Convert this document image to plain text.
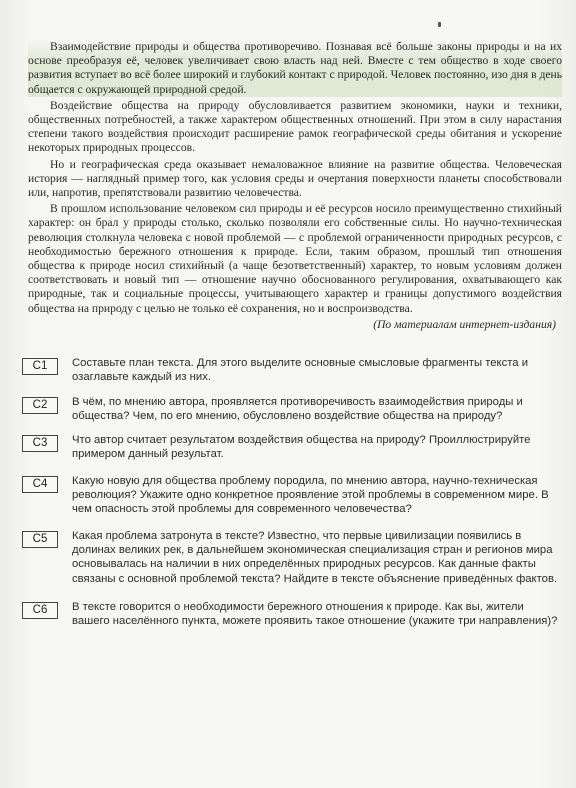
Взаимодействие природы и общества противоречиво. Познавая всё больше законы природы и на их основе преобразуя её, человек увеличивает свою власть над ней. Вместе с тем общество в ходе своего развития вступает во всё более широкий и глубокий контакт с природой. Человек постоянно, изо дня в день общается с окружающей природной средой.

Воздействие общества на природу обусловливается развитием экономики, науки и техники, общественных потребностей, а также характером общественных отношений. При этом в силу нарастания степени такого воздействия происходит расширение рамок географической среды обитания и ускорение некоторых природных процессов.

Но и географическая среда оказывает немаловажное влияние на развитие общества. Человеческая история — наглядный пример того, как условия среды и очертания поверхности планеты способствовали или, напротив, препятствовали развитию человечества.

В прошлом использование человеком сил природы и её ресурсов носило преимущественно стихийный характер: он брал у природы столько, сколько позволяли его собственные силы. Но научно-техническая революция столкнула человека с новой проблемой — с проблемой ограниченности природных ресурсов, с необходимостью бережного отношения к природе. Если, таким образом, прошлый тип отношения общества к природе носил стихийный (а чаще безответственный) характер, то новым условиям должен соответствовать и новый тип — отношение научно обоснованного регулирования, охватывающего как природные, так и социальные процессы, учитывающего характер и границы допустимого воздействия общества на природу с целью не только её сохранения, но и воспроизводства.

(По материалам интернет-издания)
С1	Составьте план текста. Для этого выделите основные смысловые фрагменты текста и озаглавьте каждый из них.
С2	В чём, по мнению автора, проявляется противоречивость взаимодействия природы и общества? Чем, по его мнению, обусловлено воздействие общества на природу?
С3	Что автор считает результатом воздействия общества на природу? Проиллюстрируйте примером данный результат.
С4	Какую новую для общества проблему породила, по мнению автора, научно-техническая революция? Укажите одно конкретное проявление этой проблемы в современном мире. В чем опасность этой проблемы для современного человечества?
С5	Какая проблема затронута в тексте? Известно, что первые цивилизации появились в долинах великих рек, в дальнейшем экономическая специализация стран и регионов мира основывалась на наличии в них определённых природных ресурсов. Как данные факты связаны с основной проблемой текста? Найдите в тексте объяснение приведённых фактов.
С6	В тексте говорится о необходимости бережного отношения к природе. Как вы, жители вашего населённого пункта, можете проявить такое отношение (укажите три направления)?
